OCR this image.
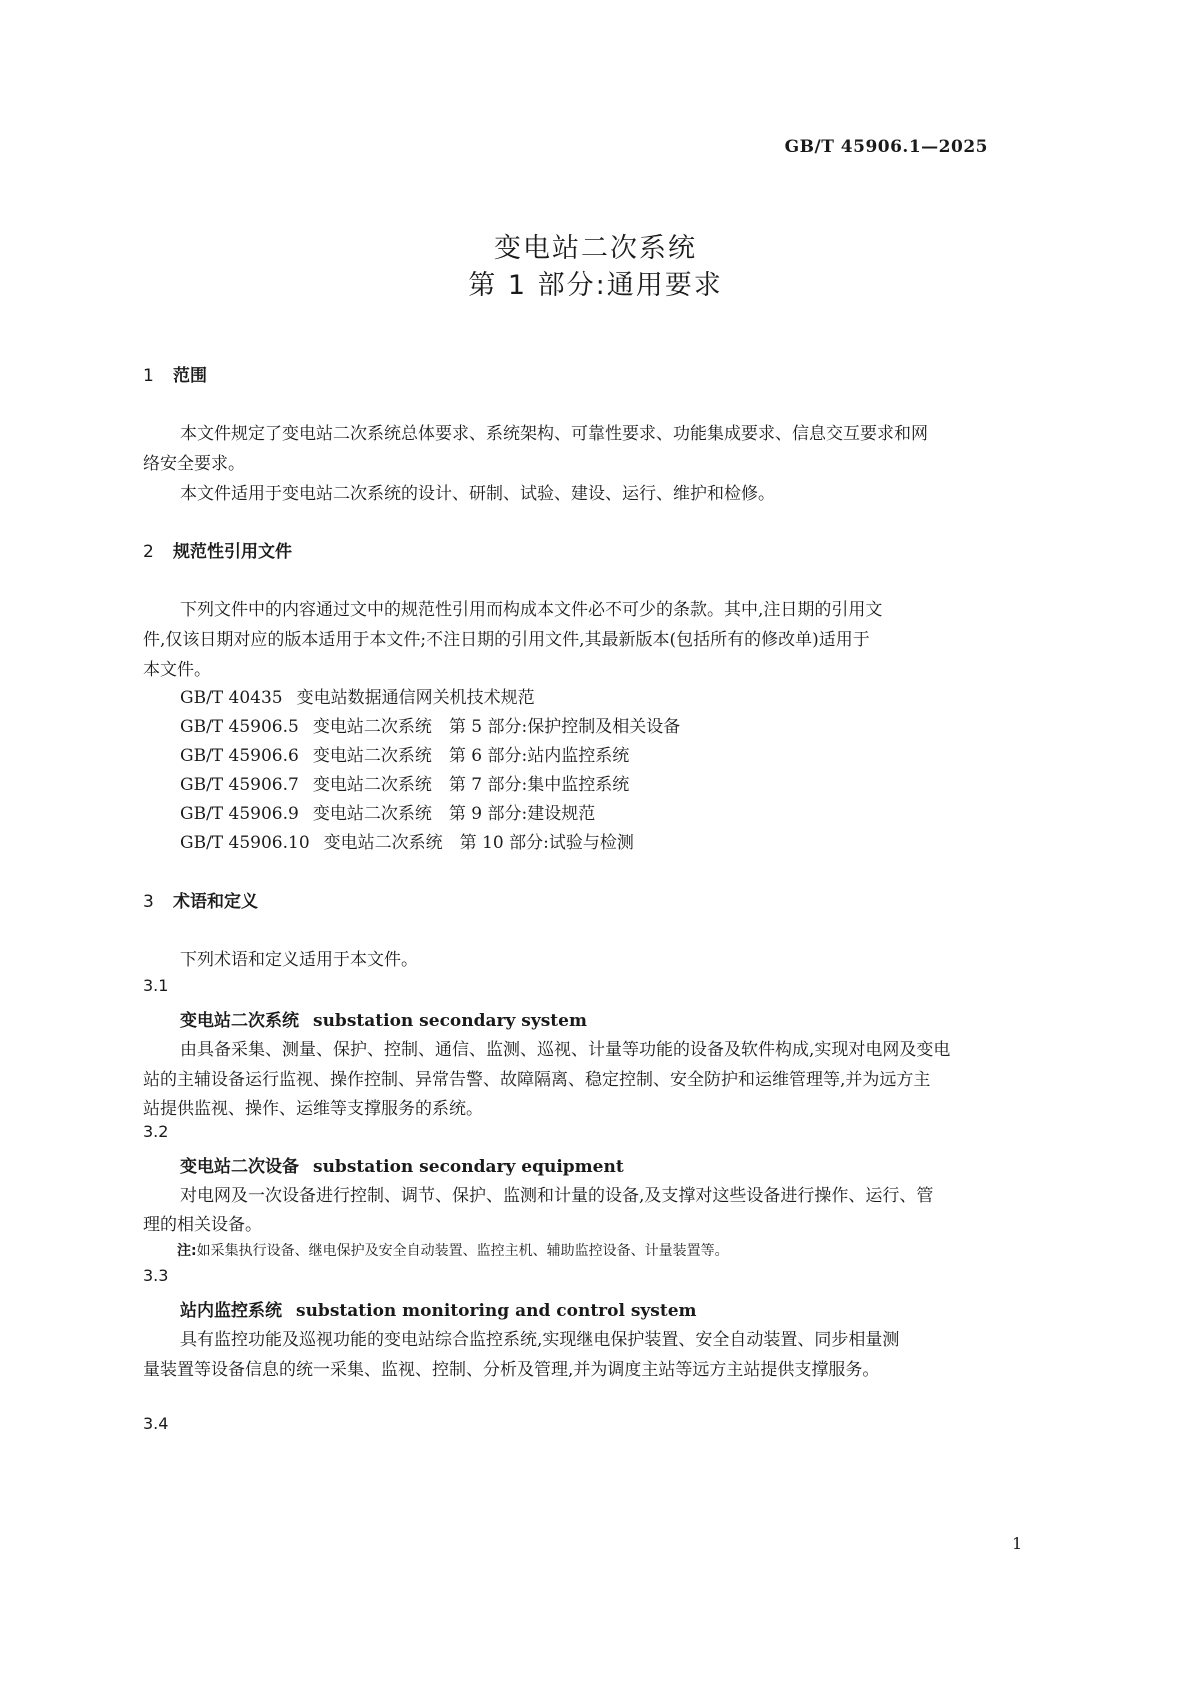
GB/T 45906.1—2025
变电站二次系统
第 1 部分:通用要求
1 范围
本文件规定了变电站二次系统总体要求、系统架构、可靠性要求、功能集成要求、信息交互要求和网
络安全要求。
本文件适用于变电站二次系统的设计、研制、试验、建设、运行、维护和检修。
2 规范性引用文件
下列文件中的内容通过文中的规范性引用而构成本文件必不可少的条款。其中,注日期的引用文
件,仅该日期对应的版本适用于本文件;不注日期的引用文件,其最新版本(包括所有的修改单)适用于
本文件。
GB/T 40435 变电站数据通信网关机技术规范
GB/T 45906.5 变电站二次系统　第 5 部分:保护控制及相关设备
GB/T 45906.6 变电站二次系统　第 6 部分:站内监控系统
GB/T 45906.7 变电站二次系统　第 7 部分:集中监控系统
GB/T 45906.9 变电站二次系统　第 9 部分:建设规范
GB/T 45906.10 变电站二次系统　第 10 部分:试验与检测
3 术语和定义
下列术语和定义适用于本文件。
3.1
变电站二次系统 substation secondary system
由具备采集、测量、保护、控制、通信、监测、巡视、计量等功能的设备及软件构成,实现对电网及变电
站的主辅设备运行监视、操作控制、异常告警、故障隔离、稳定控制、安全防护和运维管理等,并为远方主
站提供监视、操作、运维等支撑服务的系统。
3.2
变电站二次设备 substation secondary equipment
对电网及一次设备进行控制、调节、保护、监测和计量的设备,及支撑对这些设备进行操作、运行、管
理的相关设备。
注:如采集执行设备、继电保护及安全自动装置、监控主机、辅助监控设备、计量装置等。
3.3
站内监控系统 substation monitoring and control system
具有监控功能及巡视功能的变电站综合监控系统,实现继电保护装置、安全自动装置、同步相量测
量装置等设备信息的统一采集、监视、控制、分析及管理,并为调度主站等远方主站提供支撑服务。
3.4
1
